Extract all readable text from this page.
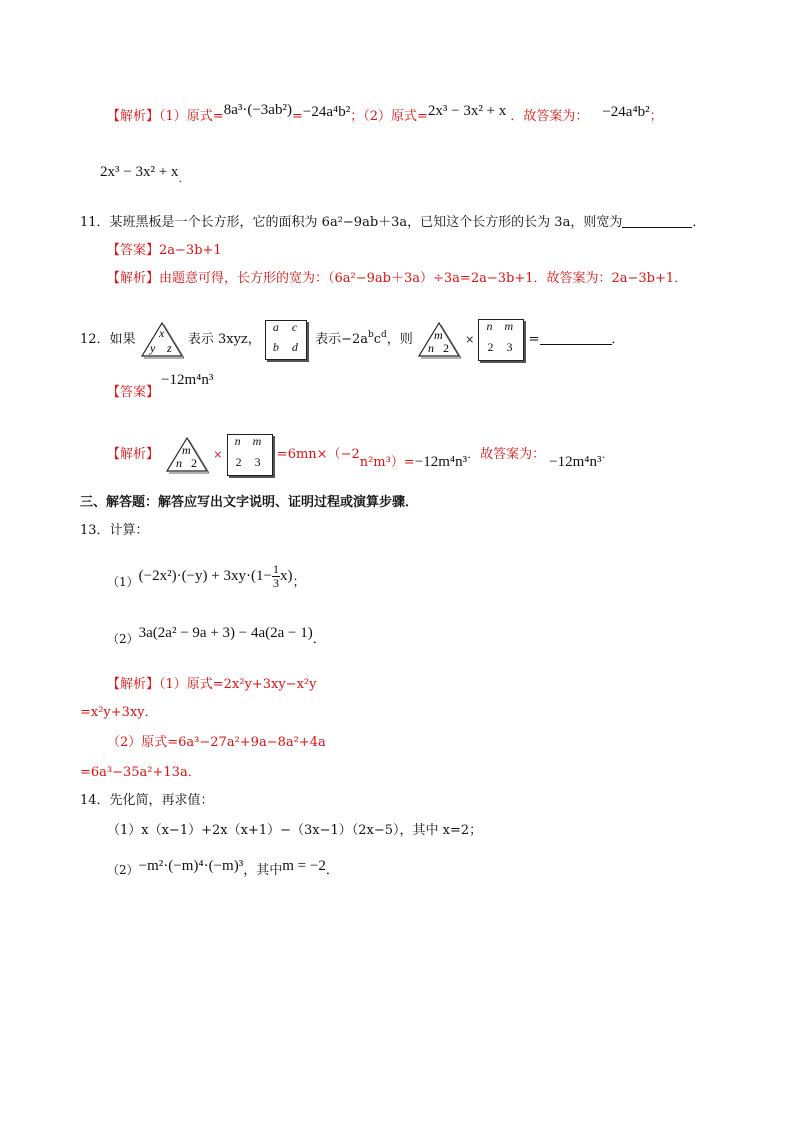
【解析】（1）原式=8a³·(−3ab²)=−24a⁴b²；（2）原式=2x³ − 3x² + x ．故答案为： −24a⁴b²；
2x³ − 3x² + x．
11．某班黑板是一个长方形，它的面积为 6a²−9ab＋3a，已知这个长方形的长为 3a，则宽为	．
【答案】2a−3b+1
【解析】由题意可得，长方形的宽为：（6a²−9ab＋3a）÷3a=2a−3b+1．故答案为：2a−3b+1．
12．如果 x
y z
表示 3xyz，
a c
b d 表示$-2a^bc^d$，则 m
n 2
×
n m
2 3 =	．
【答案】−12m⁴n³
【解析】 m
n 2
×
n m
2 3 =6mn×（−2n²m³）=−12m⁴n³．故答案为： −12m⁴n³．
三、解答题：解答应写出文字说明、证明过程或演算步骤．
13．计算：
$(1)(-2x^2)\cdot(-y) + 3xy\cdot(1- \frac{1}{3} x)$；
（2）3a(2a² − 9a + 3) − 4a(2a − 1)．
【解析】（1）原式=2x²y+3xy−x²y
=x²y+3xy．
（2）原式=6a³−27a²+9a−8a²+4a
=6a³−35a²+13a．
14．先化简，再求值：
（1）x（x−1）+2x（x+1）−（3x−1）（2x−5），其中 x=2；
（2）−m²·(−m)⁴·(−m)³，其中m = −2．
